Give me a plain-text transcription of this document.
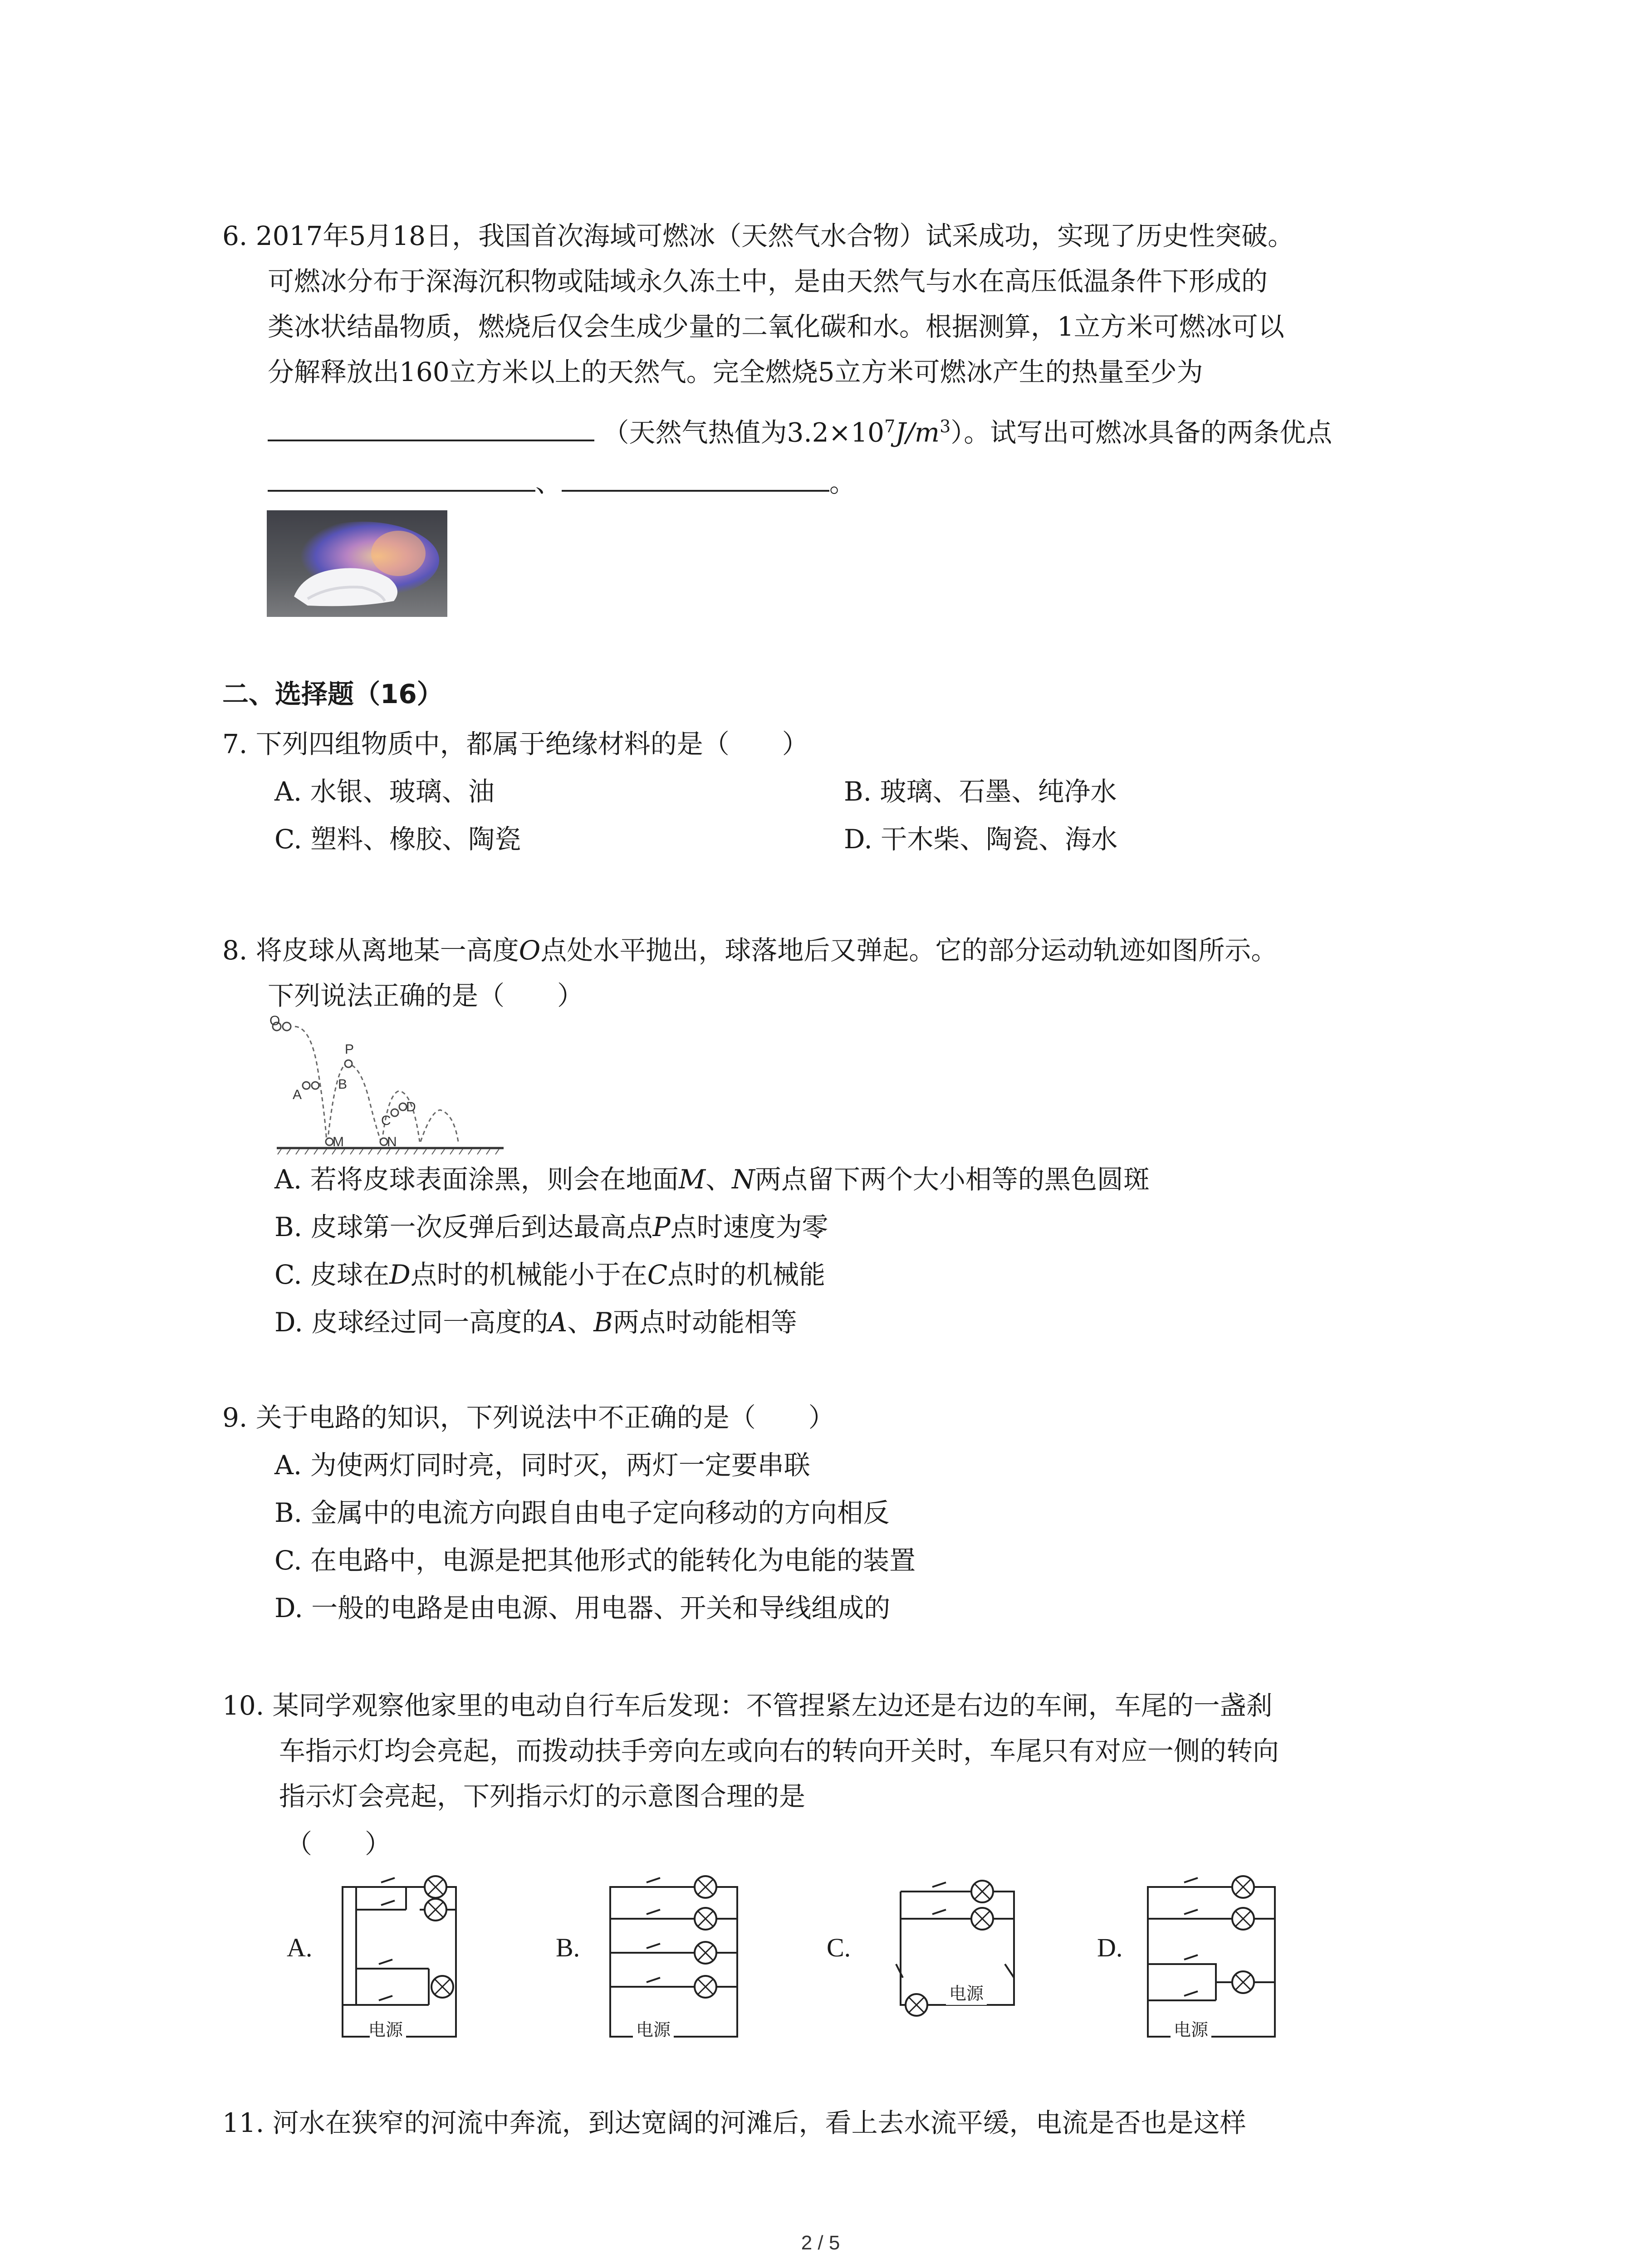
6. 2017年5月18日，我国首次海域可燃冰（天然气水合物）试采成功，实现了历史性突破。
可燃冰分布于深海沉积物或陆域永久冻土中，是由天然气与水在高压低温条件下形成的
类冰状结晶物质，燃烧后仅会生成少量的二氧化碳和水。根据测算，1立方米可燃冰可以
分解释放出160立方米以上的天然气。完全燃烧5立方米可燃冰产生的热量至少为
（天然气热值为$3.2\times 10^7J/m^3$）。试写出可燃冰具备的两条优点
、	。
二、选择题（16）
7. 下列四组物质中，都属于绝缘材料的是（　　）
A. 水银、玻璃、油	B. 玻璃、石墨、纯净水
C. 塑料、橡胶、陶瓷	D. 干木柴、陶瓷、海水
8. 将皮球从离地某一高度O点处水平抛出，球落地后又弹起。它的部分运动轨迹如图所示。
下列说法正确的是（　　）
O
P
A
B
C
D
M	N
A. 若将皮球表面涂黑，则会在地面M、N两点留下两个大小相等的黑色圆斑
B. 皮球第一次反弹后到达最高点P点时速度为零
C. 皮球在D点时的机械能小于在C点时的机械能
D. 皮球经过同一高度的A、B两点时动能相等
9. 关于电路的知识，下列说法中不正确的是（　　）
A. 为使两灯同时亮，同时灭，两灯一定要串联
B. 金属中的电流方向跟自由电子定向移动的方向相反
C. 在电路中，电源是把其他形式的能转化为电能的装置
D. 一般的电路是由电源、用电器、开关和导线组成的
10. 某同学观察他家里的电动自行车后发现：不管捏紧左边还是右边的车闸，车尾的一盏刹
车指示灯均会亮起，而拨动扶手旁向左或向右的转向开关时，车尾只有对应一侧的转向
指示灯会亮起，下列指示灯的示意图合理的是
（　　）
A.	B.	C.	D.
电源	电源
电源
电源
11. 河水在狭窄的河流中奔流，到达宽阔的河滩后，看上去水流平缓，电流是否也是这样
2 / 5
